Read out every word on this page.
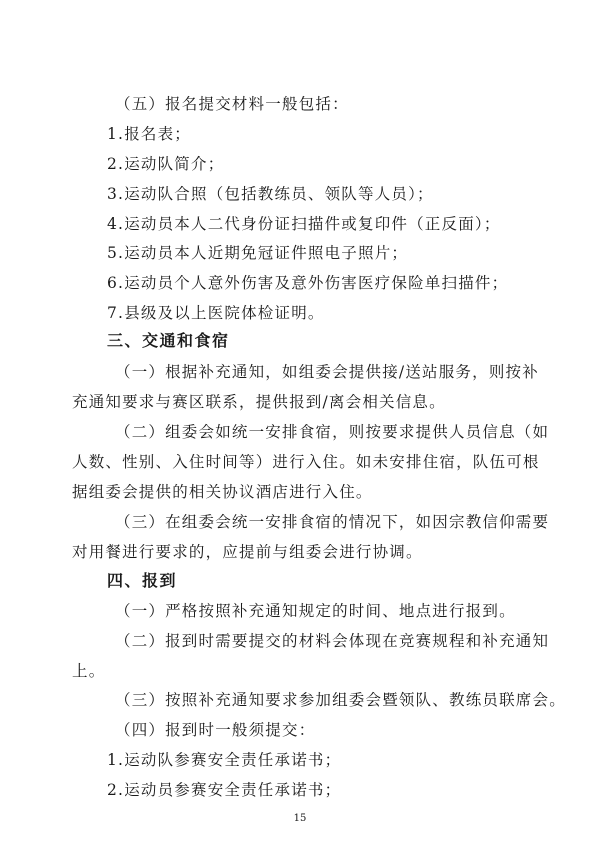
（五）报名提交材料一般包括：
1.报名表；
2.运动队简介；
3.运动队合照（包括教练员、领队等人员）；
4.运动员本人二代身份证扫描件或复印件（正反面）；
5.运动员本人近期免冠证件照电子照片；
6.运动员个人意外伤害及意外伤害医疗保险单扫描件；
7.县级及以上医院体检证明。
三、交通和食宿
（一）根据补充通知，如组委会提供接/送站服务，则按补
充通知要求与赛区联系，提供报到/离会相关信息。
（二）组委会如统一安排食宿，则按要求提供人员信息（如
人数、性别、入住时间等）进行入住。如未安排住宿，队伍可根
据组委会提供的相关协议酒店进行入住。
（三）在组委会统一安排食宿的情况下，如因宗教信仰需要
对用餐进行要求的，应提前与组委会进行协调。
四、报到
（一）严格按照补充通知规定的时间、地点进行报到。
（二）报到时需要提交的材料会体现在竞赛规程和补充通知
上。
（三）按照补充通知要求参加组委会暨领队、教练员联席会。
（四）报到时一般须提交：
1.运动队参赛安全责任承诺书；
2.运动员参赛安全责任承诺书；
15
